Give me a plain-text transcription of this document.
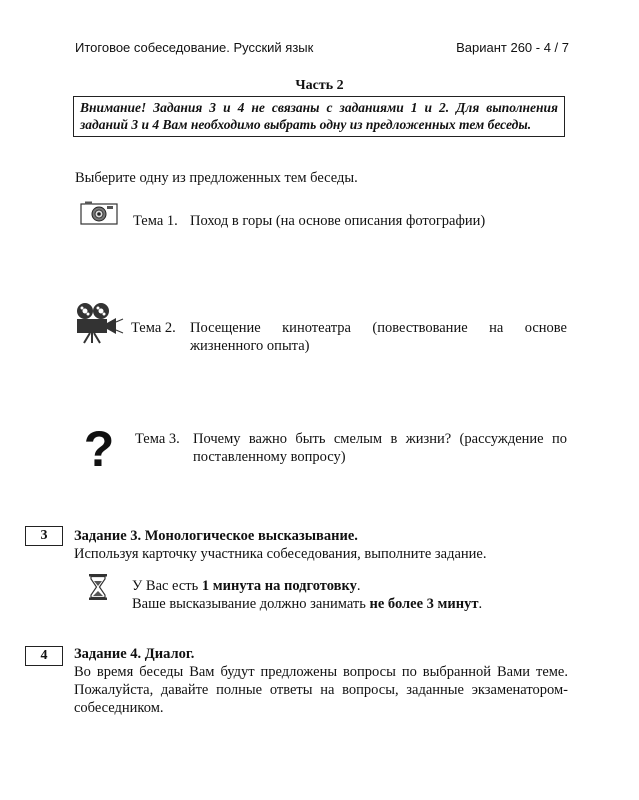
Итоговое собеседование. Русский язык	Вариант 260 - 4 / 7
Часть 2
Внимание! Задания 3 и 4 не связаны с заданиями 1 и 2. Для выполнения заданий 3 и 4 Вам необходимо выбрать одну из предложенных тем беседы.
Выберите одну из предложенных тем беседы.
Тема 1. Поход в горы (на основе описания фотографии)
Тема 2. Посещение кинотеатра (повествование на основе жизненного опыта)
? Тема 3. Почему важно быть смелым в жизни? (рассуждение по поставленному вопросу)
3	Задание 3. Монологическое высказывание.
Используя карточку участника собеседования, выполните задание.
У Вас есть 1 минута на подготовку.
Ваше высказывание должно занимать не более 3 минут.
4	Задание 4. Диалог.
Во время беседы Вам будут предложены вопросы по выбранной Вами теме. Пожалуйста, давайте полные ответы на вопросы, заданные экзаменатором-собеседником.
